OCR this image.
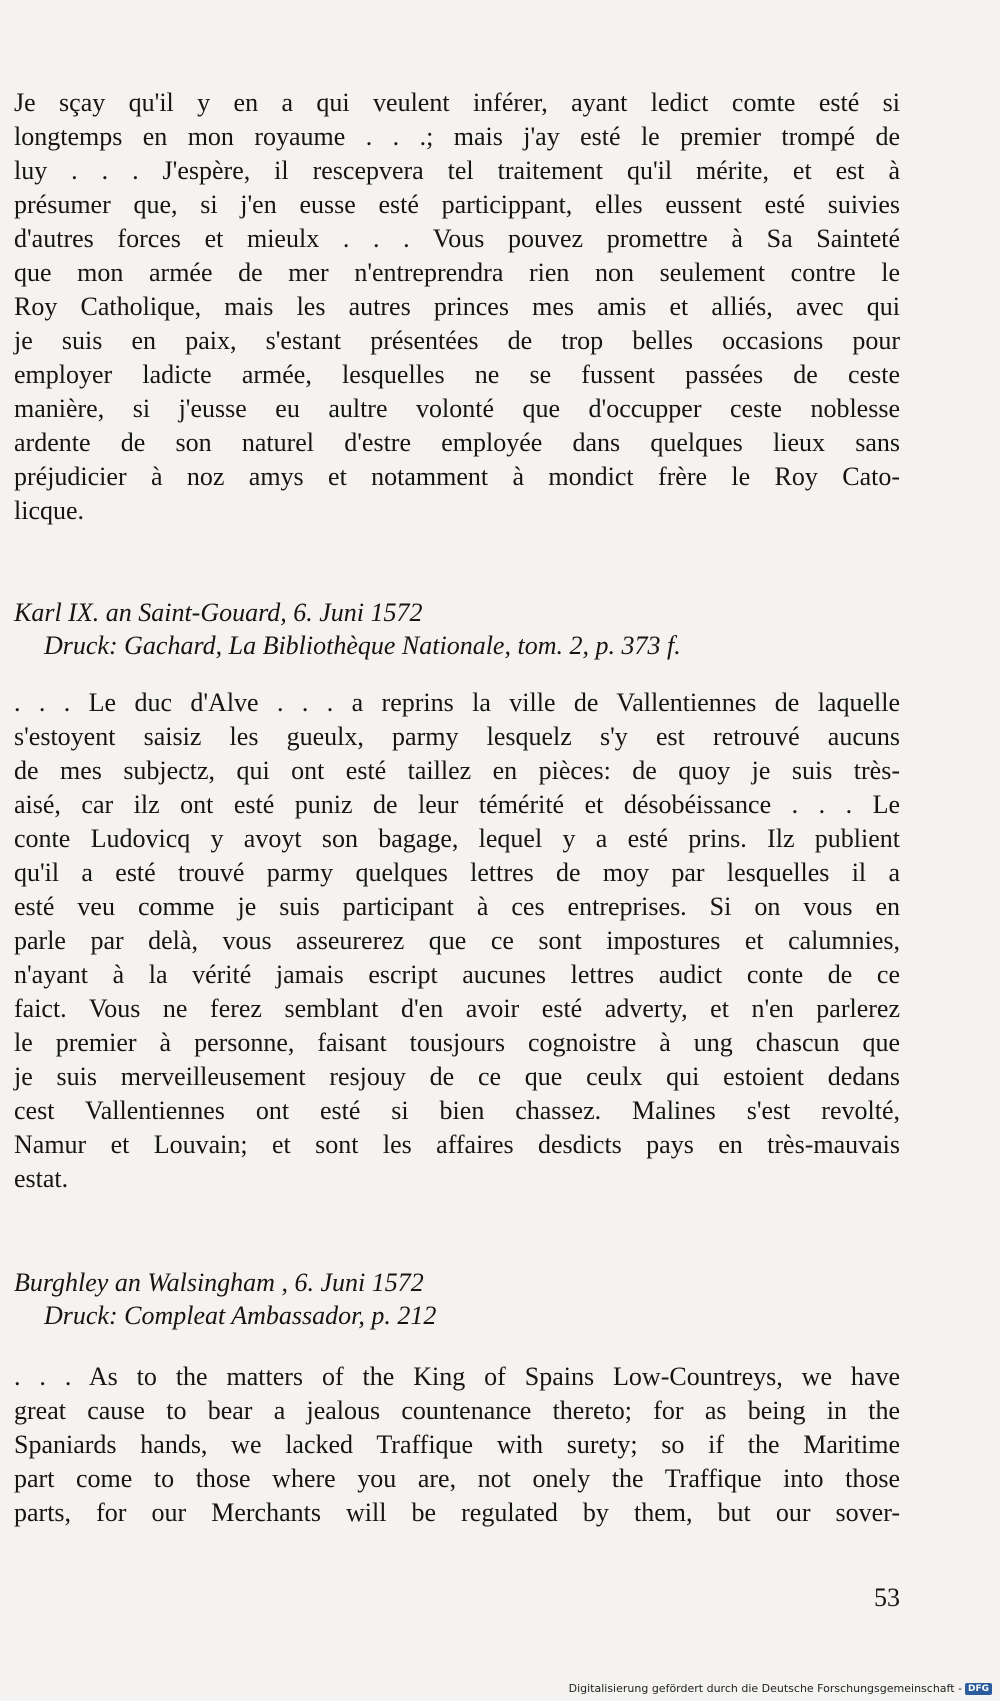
Je sçay qu'il y en a qui veulent inférer, ayant ledict comte esté si
longtemps en mon royaume . . .; mais j'ay esté le premier trompé de
luy . . . J'espère, il rescepvera tel traitement qu'il mérite, et est à
présumer que, si j'en eusse esté particippant, elles eussent esté suivies
d'autres forces et mieulx . . . Vous pouvez promettre à Sa Sainteté
que mon armée de mer n'entreprendra rien non seulement contre le
Roy Catholique, mais les autres princes mes amis et alliés, avec qui
je suis en paix, s'estant présentées de trop belles occasions pour
employer ladicte armée, lesquelles ne se fussent passées de ceste
manière, si j'eusse eu aultre volonté que d'occupper ceste noblesse
ardente de son naturel d'estre employée dans quelques lieux sans
préjudicier à noz amys et notamment à mondict frère le Roy Cato-
licque.

Karl IX. an Saint-Gouard, 6. Juni 1572
Druck: Gachard, La Bibliothèque Nationale, tom. 2, p. 373 f.

. . . Le duc d'Alve . . . a reprins la ville de Vallentiennes de laquelle
s'estoyent saisiz les gueulx, parmy lesquelz s'y est retrouvé aucuns
de mes subjectz, qui ont esté taillez en pièces: de quoy je suis très-
aisé, car ilz ont esté puniz de leur témérité et désobéissance . . . Le
conte Ludovicq y avoyt son bagage, lequel y a esté prins. Ilz publient
qu'il a esté trouvé parmy quelques lettres de moy par lesquelles il a
esté veu comme je suis participant à ces entreprises. Si on vous en
parle par delà, vous asseurerez que ce sont impostures et calumnies,
n'ayant à la vérité jamais escript aucunes lettres audict conte de ce
faict. Vous ne ferez semblant d'en avoir esté adverty, et n'en parlerez
le premier à personne, faisant tousjours cognoistre à ung chascun que
je suis merveilleusement resjouy de ce que ceulx qui estoient dedans
cest Vallentiennes ont esté si bien chassez. Malines s'est revolté,
Namur et Louvain; et sont les affaires desdicts pays en très-mauvais
estat.

Burghley an Walsingham , 6. Juni 1572
Druck: Compleat Ambassador, p. 212

. . . As to the matters of the King of Spains Low-Countreys, we have
great cause to bear a jealous countenance thereto; for as being in the
Spaniards hands, we lacked Traffique with surety; so if the Maritime
part come to those where you are, not onely the Traffique into those
parts, for our Merchants will be regulated by them, but our sover-

53
Digitalisierung gefördert durch die Deutsche Forschungsgemeinschaft - DFG
